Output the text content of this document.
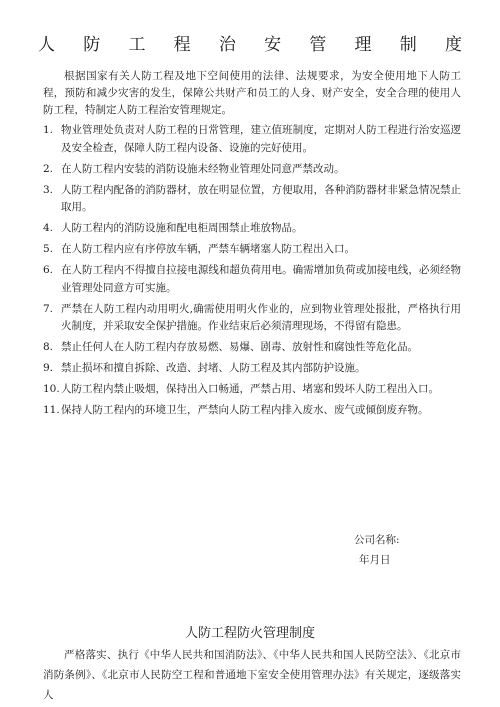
人 防 工 程 治 安 管 理 制 度
根据国家有关人防工程及地下空间使用的法律、法规要求，为安全使用地下人防工程，预防和减少灾害的发生，保障公共财产和员工的人身、财产安全，安全合理的使用人防工程，特制定人防工程治安管理规定。
1. 物业管理处负责对人防工程的日常管理，建立值班制度，定期对人防工程进行治安巡逻及安全检查，保障人防工程内设备、设施的完好使用。
2. 在人防工程内安装的消防设施未经物业管理处同意严禁改动。
3. 人防工程内配备的消防器材，放在明显位置，方便取用，各种消防器材非紧急情况禁止取用。
4. 人防工程内的消防设施和配电柜周围禁止堆放物品。
5. 在人防工程内应有序停放车辆，严禁车辆堵塞人防工程出入口。
6. 在人防工程内不得擅自拉接电源线和超负荷用电。确需增加负荷或加接电线，必须经物业管理处同意方可实施。
7. 严禁在人防工程内动用明火,确需使用明火作业的，应到物业管理处报批，严格执行用火制度，并采取安全保护措施。作业结束后必须清理现场，不得留有隐患。
8. 禁止任何人在人防工程内存放易燃、易爆、剧毒、放射性和腐蚀性等危化品。
9. 禁止损坏和擅自拆除、改造、封堵、人防工程及其内部防护设施。
10. 人防工程内禁止吸烟，保持出入口畅通，严禁占用、堵塞和毁坏人防工程出入口。
11. 保持人防工程内的环境卫生，严禁向人防工程内排入废水、废气或倾倒废弃物。
公司名称:
年月日
人防工程防火管理制度
严格落实、执行《中华人民共和国消防法》、《中华人民共和国人民防空法》、《北京市消防条例》、《北京市人民防空工程和普通地下室安全使用管理办法》有关规定，逐级落实人
